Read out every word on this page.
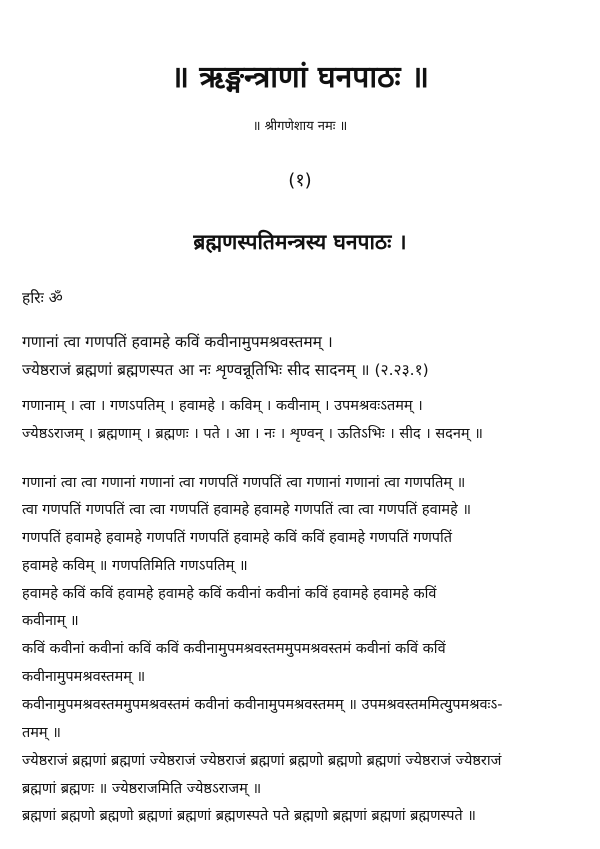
॥ ऋङ्मन्त्राणां घनपाठः ॥
॥ श्रीगणेशाय नमः ॥
(१)
ब्रह्मणस्पतिमन्त्रस्य घनपाठः ।
हरिः ॐ
गणानां त्वा गणपतिं हवामहे कविं कवीनामुपमश्रवस्तमम् ।
ज्येष्ठराजं ब्रह्मणां ब्रह्मणस्पत आ नः शृण्वन्नूतिभिः सीद सादनम् ॥ (२.२३.१)
गणानाम् । त्वा । गणऽपतिम् । हवामहे । कविम् । कवीनाम् । उपमश्रवःऽतमम् ।
ज्येष्ठऽराजम् । ब्रह्मणाम् । ब्रह्मणः । पते । आ । नः । शृण्वन् । ऊतिऽभिः । सीद । सदनम् ॥
गणानां त्वा त्वा गणानां गणानां त्वा गणपतिं गणपतिं त्वा गणानां गणानां त्वा गणपतिम् ॥
त्वा गणपतिं गणपतिं त्वा त्वा गणपतिं हवामहे हवामहे गणपतिं त्वा त्वा गणपतिं हवामहे ॥
गणपतिं हवामहे हवामहे गणपतिं गणपतिं हवामहे कविं कविं हवामहे गणपतिं गणपतिं
हवामहे कविम् ॥ गणपतिमिति गणऽपतिम् ॥
हवामहे कविं कविं हवामहे हवामहे कविं कवीनां कवीनां कविं हवामहे हवामहे कविं
कवीनाम् ॥
कविं कवीनां कवीनां कविं कविं कवीनामुपमश्रवस्तममुपमश्रवस्तमं कवीनां कविं कविं
कवीनामुपमश्रवस्तमम् ॥
कवीनामुपमश्रवस्तममुपमश्रवस्तमं कवीनां कवीनामुपमश्रवस्तमम् ॥ उपमश्रवस्तममित्युपमश्रवःऽ-
तमम् ॥
ज्येष्ठराजं ब्रह्मणां ब्रह्मणां ज्येष्ठराजं ज्येष्ठराजं ब्रह्मणां ब्रह्मणो ब्रह्मणो ब्रह्मणां ज्येष्ठराजं ज्येष्ठराजं
ब्रह्मणां ब्रह्मणः ॥ ज्येष्ठराजमिति ज्येष्ठऽराजम् ॥
ब्रह्मणां ब्रह्मणो ब्रह्मणो ब्रह्मणां ब्रह्मणां ब्रह्मणस्पते पते ब्रह्मणो ब्रह्मणां ब्रह्मणां ब्रह्मणस्पते ॥
